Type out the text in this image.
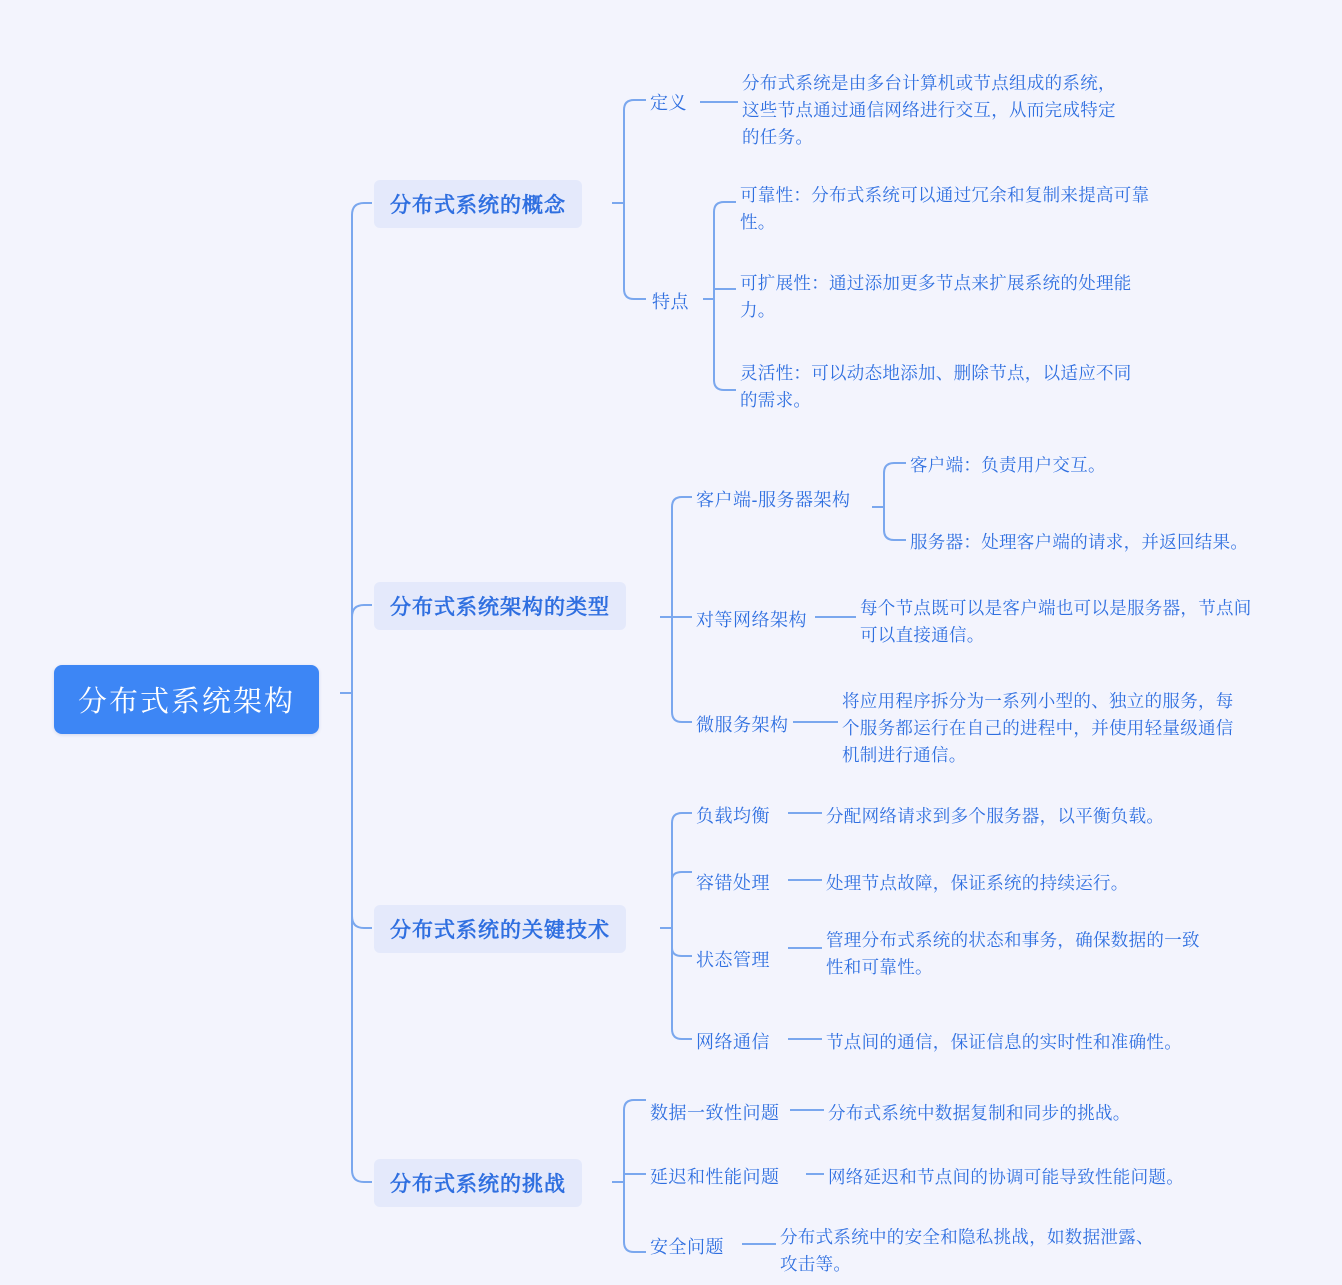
分布式系统架构
分布式系统的概念
定义
分布式系统是由多台计算机或节点组成的系统，这些节点通过通信网络进行交互，从而完成特定的任务。
特点
可靠性：分布式系统可以通过冗余和复制来提高可靠性。
可扩展性：通过添加更多节点来扩展系统的处理能力。
灵活性：可以动态地添加、删除节点，以适应不同的需求。
分布式系统架构的类型
客户端-服务器架构
客户端：负责用户交互。
服务器：处理客户端的请求，并返回结果。
对等网络架构
每个节点既可以是客户端也可以是服务器，节点间可以直接通信。
微服务架构
将应用程序拆分为一系列小型的、独立的服务，每个服务都运行在自己的进程中，并使用轻量级通信机制进行通信。
分布式系统的关键技术
负载均衡	分配网络请求到多个服务器，以平衡负载。
容错处理	处理节点故障，保证系统的持续运行。
状态管理
管理分布式系统的状态和事务，确保数据的一致性和可靠性。
网络通信	节点间的通信，保证信息的实时性和准确性。
分布式系统的挑战
数据一致性问题	分布式系统中数据复制和同步的挑战。
延迟和性能问题	网络延迟和节点间的协调可能导致性能问题。
安全问题	分布式系统中的安全和隐私挑战，如数据泄露、攻击等。
